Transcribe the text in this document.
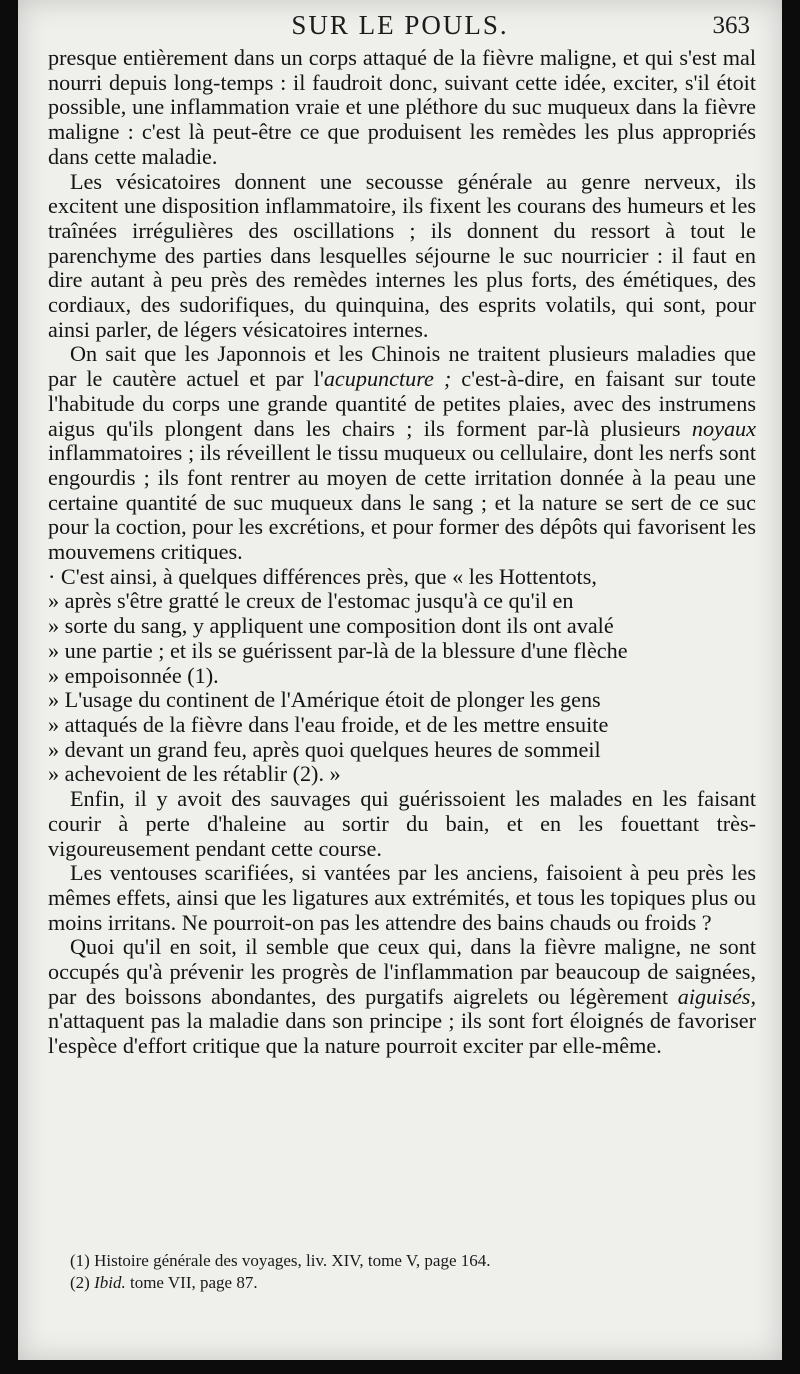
SUR LE POULS.	363

presque entièrement dans un corps attaqué de la fièvre maligne, et qui s'est mal nourri depuis long-temps : il faudroit donc, suivant cette idée, exciter, s'il étoit possible, une inflammation vraie et une pléthore du suc muqueux dans la fièvre maligne : c'est là peut-être ce que produisent les remèdes les plus appropriés dans cette maladie.

Les vésicatoires donnent une secousse générale au genre nerveux, ils excitent une disposition inflammatoire, ils fixent les courans des humeurs et les traînées irrégulières des oscillations ; ils donnent du ressort à tout le parenchyme des parties dans lesquelles séjourne le suc nourricier : il faut en dire autant à peu près des remèdes internes les plus forts, des émétiques, des cordiaux, des sudorifiques, du quinquina, des esprits volatils, qui sont, pour ainsi parler, de légers vésicatoires internes.

On sait que les Japonnois et les Chinois ne traitent plusieurs maladies que par le cautère actuel et par l'acupuncture ; c'est-à-dire, en faisant sur toute l'habitude du corps une grande quantité de petites plaies, avec des instrumens aigus qu'ils plongent dans les chairs ; ils forment par-là plusieurs noyaux inflammatoires ; ils réveillent le tissu muqueux ou cellulaire, dont les nerfs sont engourdis ; ils font rentrer au moyen de cette irritation donnée à la peau une certaine quantité de suc muqueux dans le sang ; et la nature se sert de ce suc pour la coction, pour les excrétions, et pour former des dépôts qui favorisent les mouvemens critiques.

· C'est ainsi, à quelques différences près, que « les Hottentots,
» après s'être gratté le creux de l'estomac jusqu'à ce qu'il en
» sorte du sang, y appliquent une composition dont ils ont avalé
» une partie ; et ils se guérissent par-là de la blessure d'une flèche
» empoisonnée (1).

» L'usage du continent de l'Amérique étoit de plonger les gens
» attaqués de la fièvre dans l'eau froide, et de les mettre ensuite
» devant un grand feu, après quoi quelques heures de sommeil
» achevoient de les rétablir (2). »

Enfin, il y avoit des sauvages qui guérissoient les malades en les faisant courir à perte d'haleine au sortir du bain, et en les fouettant très-vigoureusement pendant cette course.

Les ventouses scarifiées, si vantées par les anciens, faisoient à peu près les mêmes effets, ainsi que les ligatures aux extrémités, et tous les topiques plus ou moins irritans. Ne pourroit-on pas les attendre des bains chauds ou froids ?

Quoi qu'il en soit, il semble que ceux qui, dans la fièvre maligne, ne sont occupés qu'à prévenir les progrès de l'inflammation par beaucoup de saignées, par des boissons abondantes, des purgatifs aigrelets ou légèrement aiguisés, n'attaquent pas la maladie dans son principe ; ils sont fort éloignés de favoriser l'espèce d'effort critique que la nature pourroit exciter par elle-même.

(1) Histoire générale des voyages, liv. XIV, tome V, page 164.

(2) Ibid. tome VII, page 87.
